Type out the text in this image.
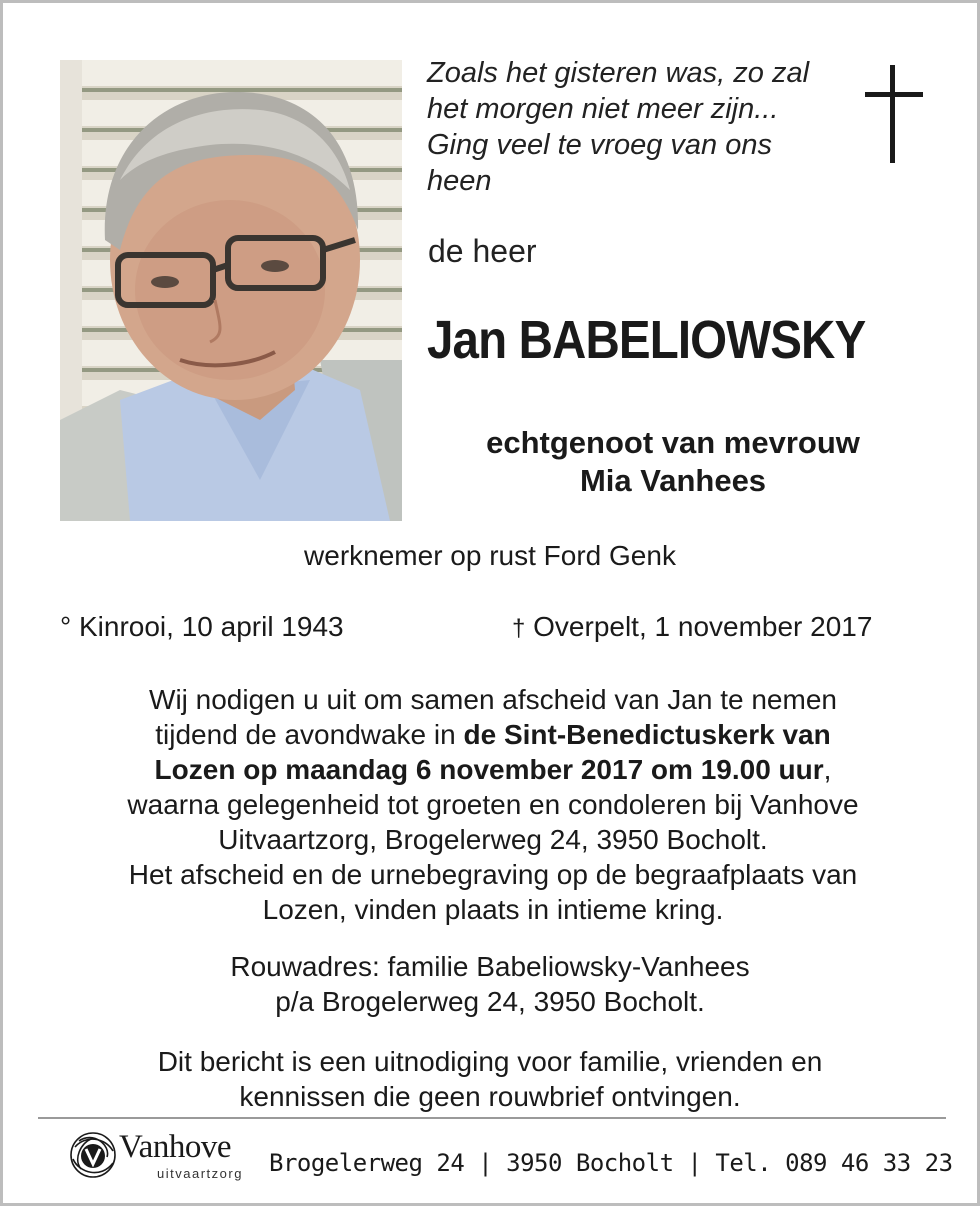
Zoals het gisteren was, zo zal
het morgen niet meer zijn...
Ging veel te vroeg van ons
heen
de heer
Jan BABELIOWSKY
echtgenoot van mevrouw
Mia Vanhees
werknemer op rust Ford Genk
° Kinrooi, 10 april 1943	† Overpelt, 1 november 2017
Wij nodigen u uit om samen afscheid van Jan te nemen
tijdend de avondwake in de Sint-Benedictuskerk van
Lozen op maandag 6 november 2017 om 19.00 uur,
waarna gelegenheid tot groeten en condoleren bij Vanhove
Uitvaartzorg, Brogelerweg 24, 3950 Bocholt.
Het afscheid en de urnebegraving op de begraafplaats van
Lozen, vinden plaats in intieme kring.
Rouwadres: familie Babeliowsky-Vanhees
p/a Brogelerweg 24, 3950 Bocholt.
Dit bericht is een uitnodiging voor familie, vrienden en
kennissen die geen rouwbrief ontvingen.
Vanhove
uitvaartzorg Brogelerweg 24 | 3950 Bocholt | Tel. 089 46 33 23
